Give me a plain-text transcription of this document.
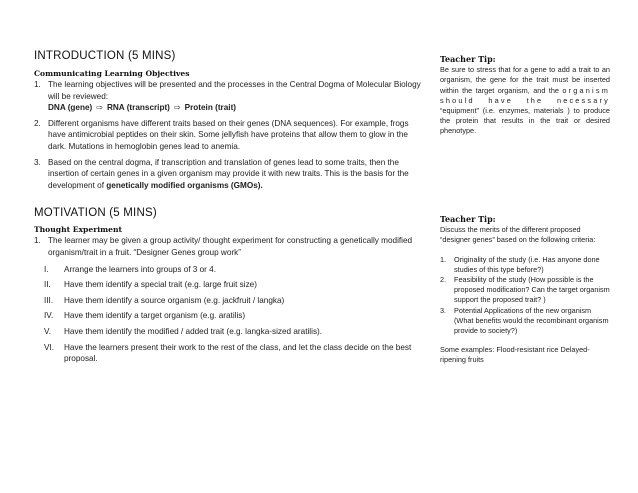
INTRODUCTION (5 MINS)
Communicating Learning Objectives
1. The learning objectives will be presented and the processes in the Central Dogma of Molecular Biology will be reviewed:
DNA (gene) ⇨ RNA (transcript) ⇨ Protein (trait)
2. Different organisms have different traits based on their genes (DNA sequences). For example, frogs have antimicrobial peptides on their skin. Some jellyfish have proteins that allow them to glow in the dark. Mutations in hemoglobin genes lead to anemia.
3. Based on the central dogma, if transcription and translation of genes lead to some traits, then the insertion of certain genes in a given organism may provide it with new traits. This is the basis for the development of genetically modified organisms (GMOs).
MOTIVATION (5 MINS)
Thought Experiment
1. The learner may be given a group activity/ thought experiment for constructing a genetically modified organism/trait in a fruit. “Designer Genes group work”
I. Arrange the learners into groups of 3 or 4.
II. Have them identify a special trait (e.g. large fruit size)
III. Have them identify a source organism (e.g. jackfruit / langka)
IV. Have them identify a target organism (e.g. aratilis)
V. Have them identify the modified / added trait (e.g. langka-sized aratilis).
VI. Have the learners present their work to the rest of the class, and let the class decide on the best proposal.
Teacher Tip:
Be sure to stress that for a gene to add a trait to an organism, the gene for the trait must be inserted within the target organism, and the organism should have the necessary “equipment” (i.e. enzymes, materials ) to produce the protein that results in the trait or desired phenotype.
Teacher Tip:
Discuss the merits of the different proposed “designer genes” based on the following criteria:
1. Originality of the study (i.e. Has anyone done studies of this type before?)
2. Feasibility of the study (How possible is the proposed modification? Can the target organism support the proposed trait? )
3. Potential Applications of the new organism (What benefits would the recombinant organism provide to society?)
Some examples: Flood-resistant rice Delayed-ripening fruits
